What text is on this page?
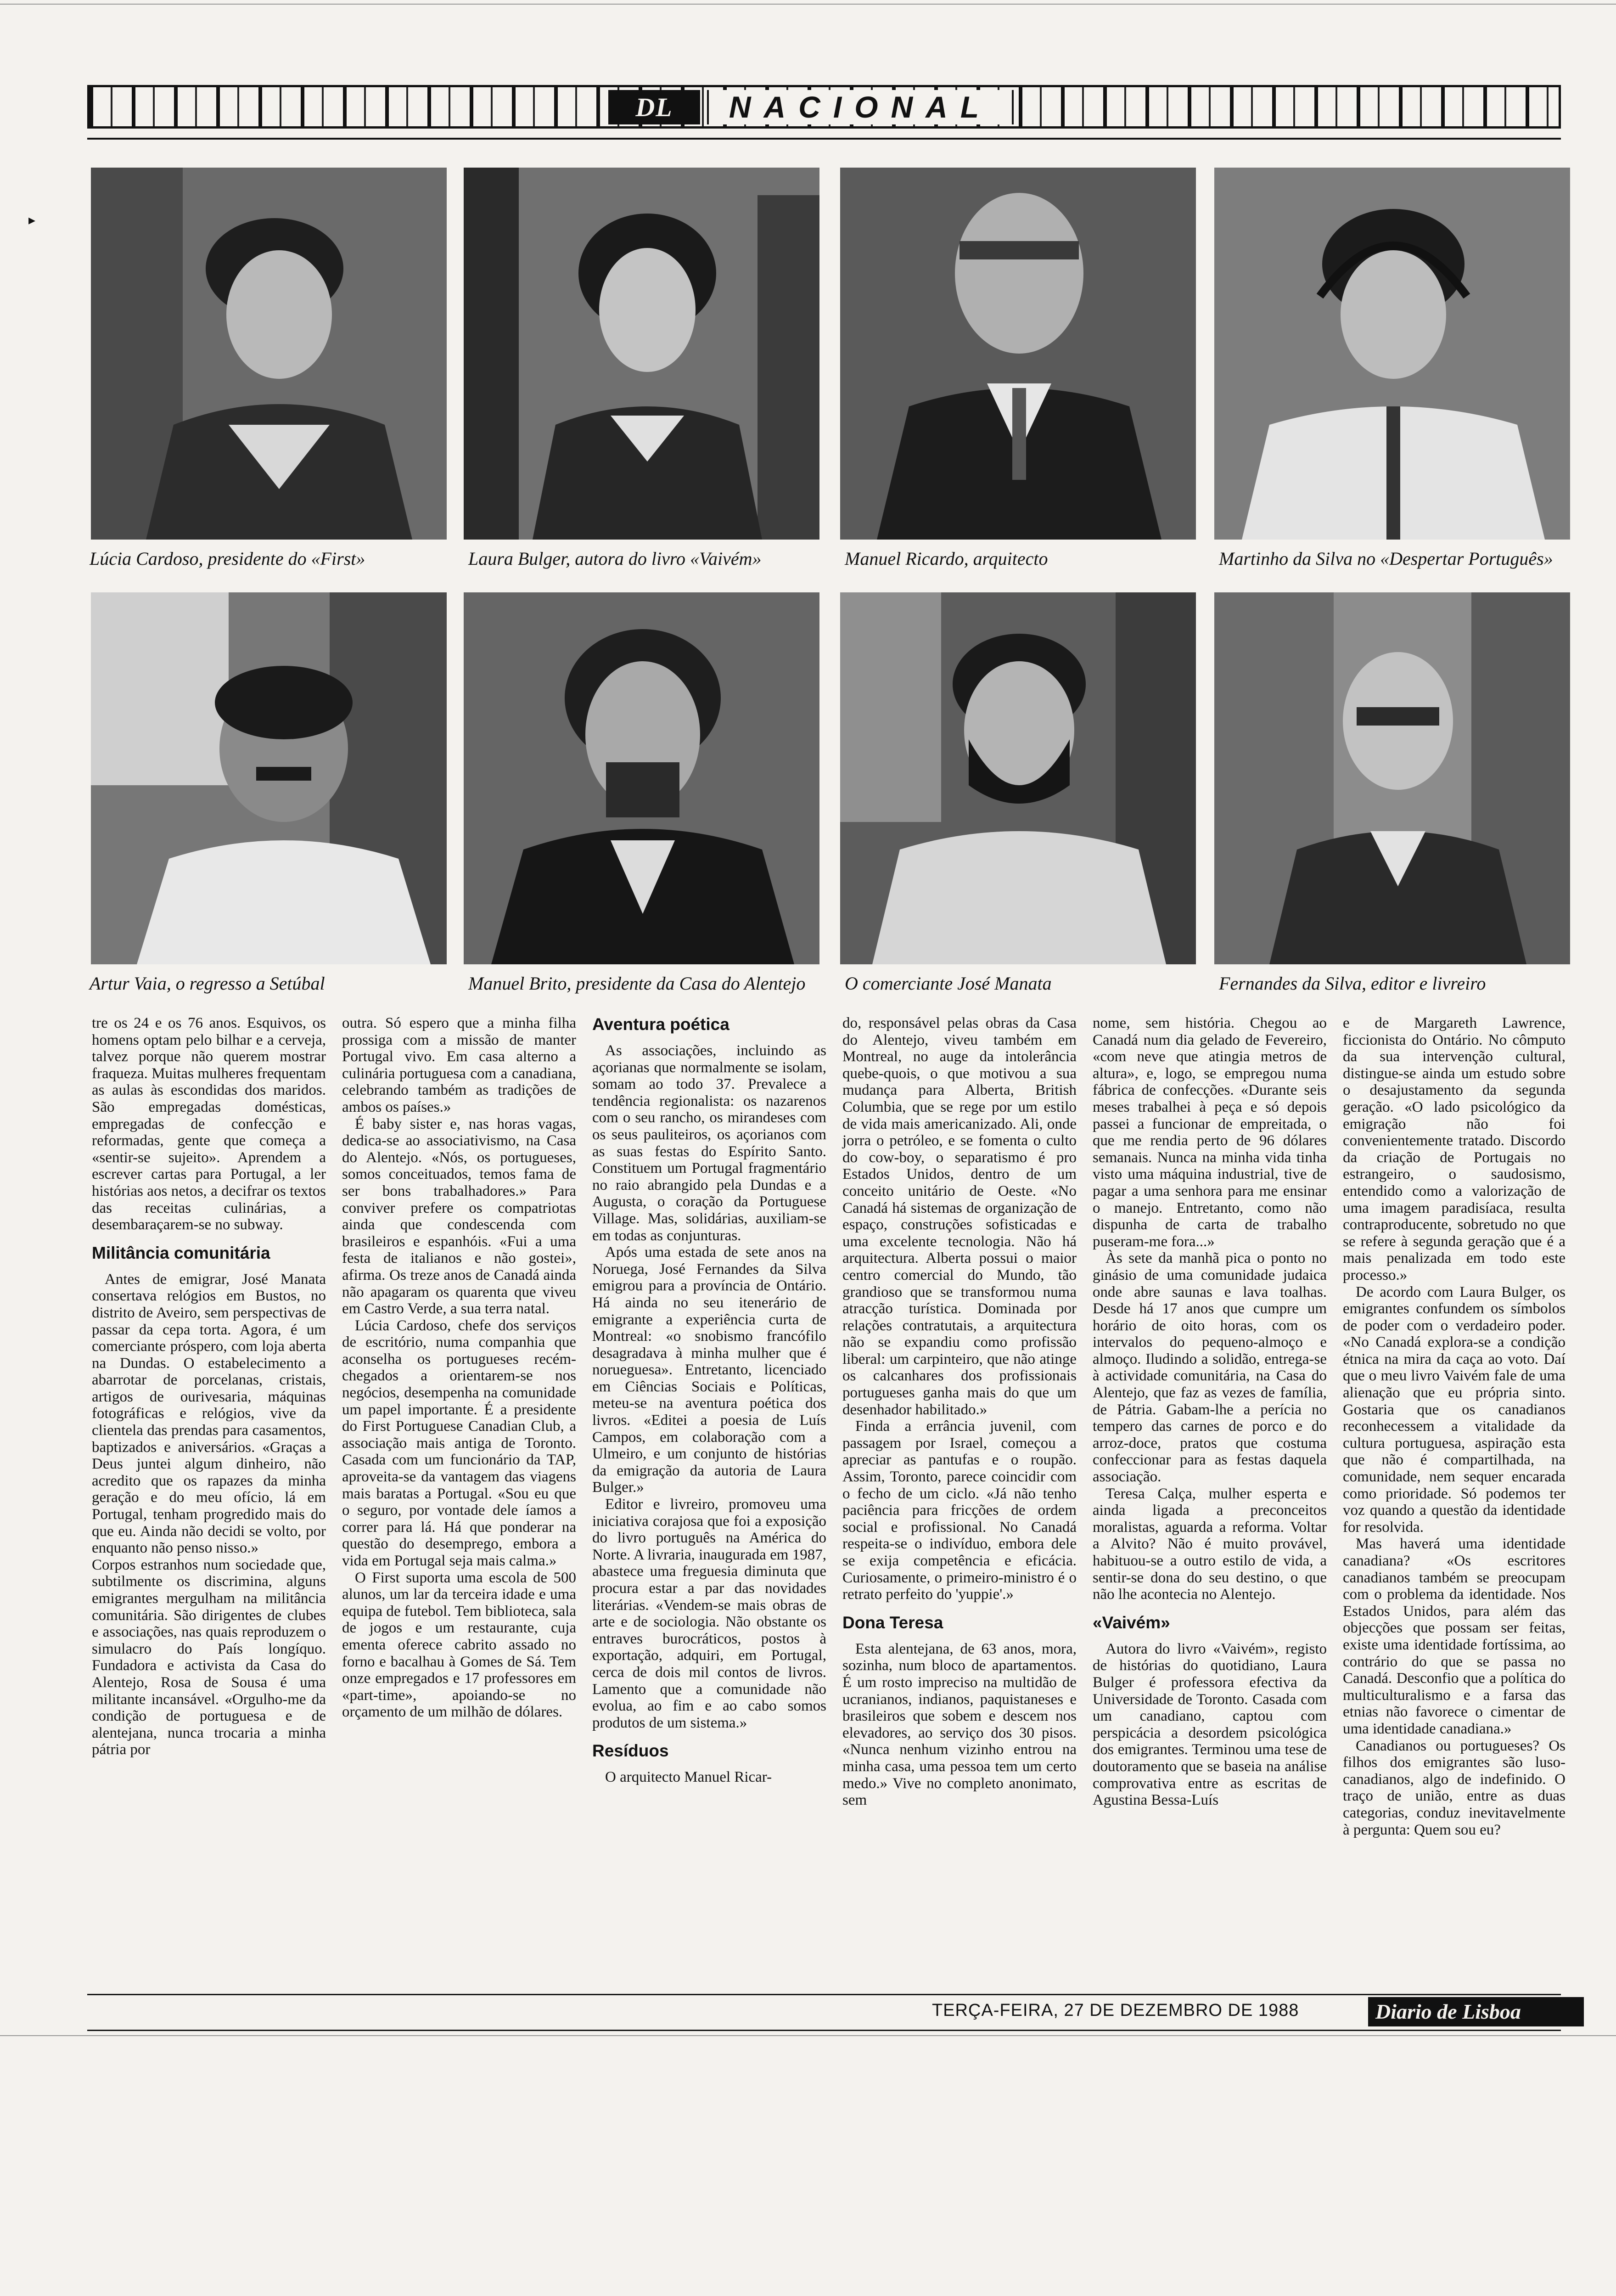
▸
DL	NACIONAL
Lúcia Cardoso, presidente do «First»	Laura Bulger, autora do livro «Vaivém»	Manuel Ricardo, arquitecto	Martinho da Silva no «Despertar Português»
Artur Vaia, o regresso a Setúbal	Manuel Brito, presidente da Casa do Alentejo	O comerciante José Manata	Fernandes da Silva, editor e livreiro

tre os 24 e os 76 anos. Esquivos, os homens optam pelo bilhar e a cerveja, talvez porque não querem mostrar fraqueza. Muitas mulheres frequentam as aulas às escondidas dos maridos. São empregadas domésticas, empregadas de confecção e reformadas, gente que começa a «sentir-se sujeito». Aprendem a escrever cartas para Portugal, a ler histórias aos netos, a decifrar os textos das receitas culinárias, a desembaraçarem-se no subway.

Militância comunitária

Antes de emigrar, José Manata consertava relógios em Bustos, no distrito de Aveiro, sem perspectivas de passar da cepa torta. Agora, é um comerciante próspero, com loja aberta na Dundas. O estabelecimento a abarrotar de porcelanas, cristais, artigos de ourivesaria, máquinas fotográficas e relógios, vive da clientela das prendas para casamentos, baptizados e aniversários. «Graças a Deus juntei algum dinheiro, não acredito que os rapazes da minha geração e do meu ofício, lá em Portugal, tenham progredido mais do que eu. Ainda não decidi se volto, por enquanto não penso nisso.»

Corpos estranhos num sociedade que, subtilmente os discrimina, alguns emigrantes mergulham na militância comunitária. São dirigentes de clubes e associações, nas quais reproduzem o simulacro do País longíquo. Fundadora e activista da Casa do Alentejo, Rosa de Sousa é uma militante incansável. «Orgulho-me da condição de portuguesa e de alentejana, nunca trocaria a minha pátria por

outra. Só espero que a minha filha prossiga com a missão de manter Portugal vivo. Em casa alterno a culinária portuguesa com a canadiana, celebrando também as tradições de ambos os países.»

É baby sister e, nas horas vagas, dedica-se ao associativismo, na Casa do Alentejo. «Nós, os portugueses, somos conceituados, temos fama de ser bons trabalhadores.» Para conviver prefere os compatriotas ainda que condescenda com brasileiros e espanhóis. «Fui a uma festa de italianos e não gostei», afirma. Os treze anos de Canadá ainda não apagaram os quarenta que viveu em Castro Verde, a sua terra natal.

Lúcia Cardoso, chefe dos serviços de escritório, numa companhia que aconselha os portugueses recém-chegados a orientarem-se nos negócios, desempenha na comunidade um papel importante. É a presidente do First Portuguese Canadian Club, a associação mais antiga de Toronto. Casada com um funcionário da TAP, aproveita-se da vantagem das viagens mais baratas a Portugal. «Sou eu que o seguro, por vontade dele íamos a correr para lá. Há que ponderar na questão do desemprego, embora a vida em Portugal seja mais calma.»

O First suporta uma escola de 500 alunos, um lar da terceira idade e uma equipa de futebol. Tem biblioteca, sala de jogos e um restaurante, cuja ementa oferece cabrito assado no forno e bacalhau à Gomes de Sá. Tem onze empregados e 17 professores em «part-time», apoiando-se no orçamento de um milhão de dólares.

Aventura poética

As associações, incluindo as açorianas que normalmente se isolam, somam ao todo 37. Prevalece a tendência regionalista: os nazarenos com o seu rancho, os mirandeses com os seus pauliteiros, os açorianos com as suas festas do Espírito Santo. Constituem um Portugal fragmentário no raio abrangido pela Dundas e a Augusta, o coração da Portuguese Village. Mas, solidárias, auxiliam-se em todas as conjunturas.

Após uma estada de sete anos na Noruega, José Fernandes da Silva emigrou para a província de Ontário. Há ainda no seu itenerário de emigrante a experiência curta de Montreal: «o snobismo francófilo desagradava à minha mulher que é norueguesa». Entretanto, licenciado em Ciências Sociais e Políticas, meteu-se na aventura poética dos livros. «Editei a poesia de Luís Campos, em colaboração com a Ulmeiro, e um conjunto de histórias da emigração da autoria de Laura Bulger.»

Editor e livreiro, promoveu uma iniciativa corajosa que foi a exposição do livro português na América do Norte. A livraria, inaugurada em 1987, abastece uma freguesia diminuta que procura estar a par das novidades literárias. «Vendem-se mais obras de arte e de sociologia. Não obstante os entraves burocráticos, postos à exportação, adquiri, em Portugal, cerca de dois mil contos de livros. Lamento que a comunidade não evolua, ao fim e ao cabo somos produtos de um sistema.»

Resíduos

O arquitecto Manuel Ricar-

do, responsável pelas obras da Casa do Alentejo, viveu também em Montreal, no auge da intolerância quebe-quois, o que motivou a sua mudança para Alberta, British Columbia, que se rege por um estilo de vida mais americanizado. Ali, onde jorra o petróleo, e se fomenta o culto do cow-boy, o separatismo é pro Estados Unidos, dentro de um conceito unitário de Oeste. «No Canadá há sistemas de organização de espaço, construções sofisticadas e uma excelente tecnologia. Não há arquitectura. Alberta possui o maior centro comercial do Mundo, tão grandioso que se transformou numa atracção turística. Dominada por relações contratutais, a arquitectura não se expandiu como profissão liberal: um carpinteiro, que não atinge os calcanhares dos profissionais portugueses ganha mais do que um desenhador habilitado.»

Finda a errância juvenil, com passagem por Israel, começou a apreciar as pantufas e o roupão. Assim, Toronto, parece coincidir com o fecho de um ciclo. «Já não tenho paciência para fricções de ordem social e profissional. No Canadá respeita-se o indivíduo, embora dele se exija competência e eficácia. Curiosamente, o primeiro-ministro é o retrato perfeito do 'yuppie'.»

Dona Teresa

Esta alentejana, de 63 anos, mora, sozinha, num bloco de apartamentos. É um rosto impreciso na multidão de ucranianos, indianos, paquistaneses e brasileiros que sobem e descem nos elevadores, ao serviço dos 30 pisos. «Nunca nenhum vizinho entrou na minha casa, uma pessoa tem um certo medo.» Vive no completo anonimato, sem

nome, sem história. Chegou ao Canadá num dia gelado de Fevereiro, «com neve que atingia metros de altura», e, logo, se empregou numa fábrica de confecções. «Durante seis meses trabalhei à peça e só depois passei a funcionar de empreitada, o que me rendia perto de 96 dólares semanais. Nunca na minha vida tinha visto uma máquina industrial, tive de pagar a uma senhora para me ensinar o manejo. Entretanto, como não dispunha de carta de trabalho puseram-me fora...»

Às sete da manhã pica o ponto no ginásio de uma comunidade judaica onde abre saunas e lava toalhas. Desde há 17 anos que cumpre um horário de oito horas, com os intervalos do pequeno-almoço e almoço. Iludindo a solidão, entrega-se à actividade comunitária, na Casa do Alentejo, que faz as vezes de família, de Pátria. Gabam-lhe a perícia no tempero das carnes de porco e do arroz-doce, pratos que costuma confeccionar para as festas daquela associação.

Teresa Calça, mulher esperta e ainda ligada a preconceitos moralistas, aguarda a reforma. Voltar a Alvito? Não é muito provável, habituou-se a outro estilo de vida, a sentir-se dona do seu destino, o que não lhe acontecia no Alentejo.

«Vaivém»

Autora do livro «Vaivém», registo de histórias do quotidiano, Laura Bulger é professora efectiva da Universidade de Toronto. Casada com um canadiano, captou com perspicácia a desordem psicológica dos emigrantes. Terminou uma tese de doutoramento que se baseia na análise comprovativa entre as escritas de Agustina Bessa-Luís

e de Margareth Lawrence, ficcionista do Ontário. No cômputo da sua intervenção cultural, distingue-se ainda um estudo sobre o desajustamento da segunda geração. «O lado psicológico da emigração não foi convenientemente tratado. Discordo da criação de Portugais no estrangeiro, o saudosismo, entendido como a valorização de uma imagem paradisíaca, resulta contraproducente, sobretudo no que se refere à segunda geração que é a mais penalizada em todo este processo.»

De acordo com Laura Bulger, os emigrantes confundem os símbolos de poder com o verdadeiro poder. «No Canadá explora-se a condição étnica na mira da caça ao voto. Daí que o meu livro Vaivém fale de uma alienação que eu própria sinto. Gostaria que os canadianos reconhecessem a vitalidade da cultura portuguesa, aspiração esta que não é compartilhada, na comunidade, nem sequer encarada como prioridade. Só podemos ter voz quando a questão da identidade for resolvida.

Mas haverá uma identidade canadiana? «Os escritores canadianos também se preocupam com o problema da identidade. Nos Estados Unidos, para além das objecções que possam ser feitas, existe uma identidade fortíssima, ao contrário do que se passa no Canadá. Desconfio que a política do multiculturalismo e a farsa das etnias não favorece o cimentar de uma identidade canadiana.»

Canadianos ou portugueses? Os filhos dos emigrantes são luso-canadianos, algo de indefinido. O traço de união, entre as duas categorias, conduz inevitavelmente à pergunta: Quem sou eu?

TERÇA-FEIRA, 27 DE DEZEMBRO DE 1988	Diario de Lisboa 13
